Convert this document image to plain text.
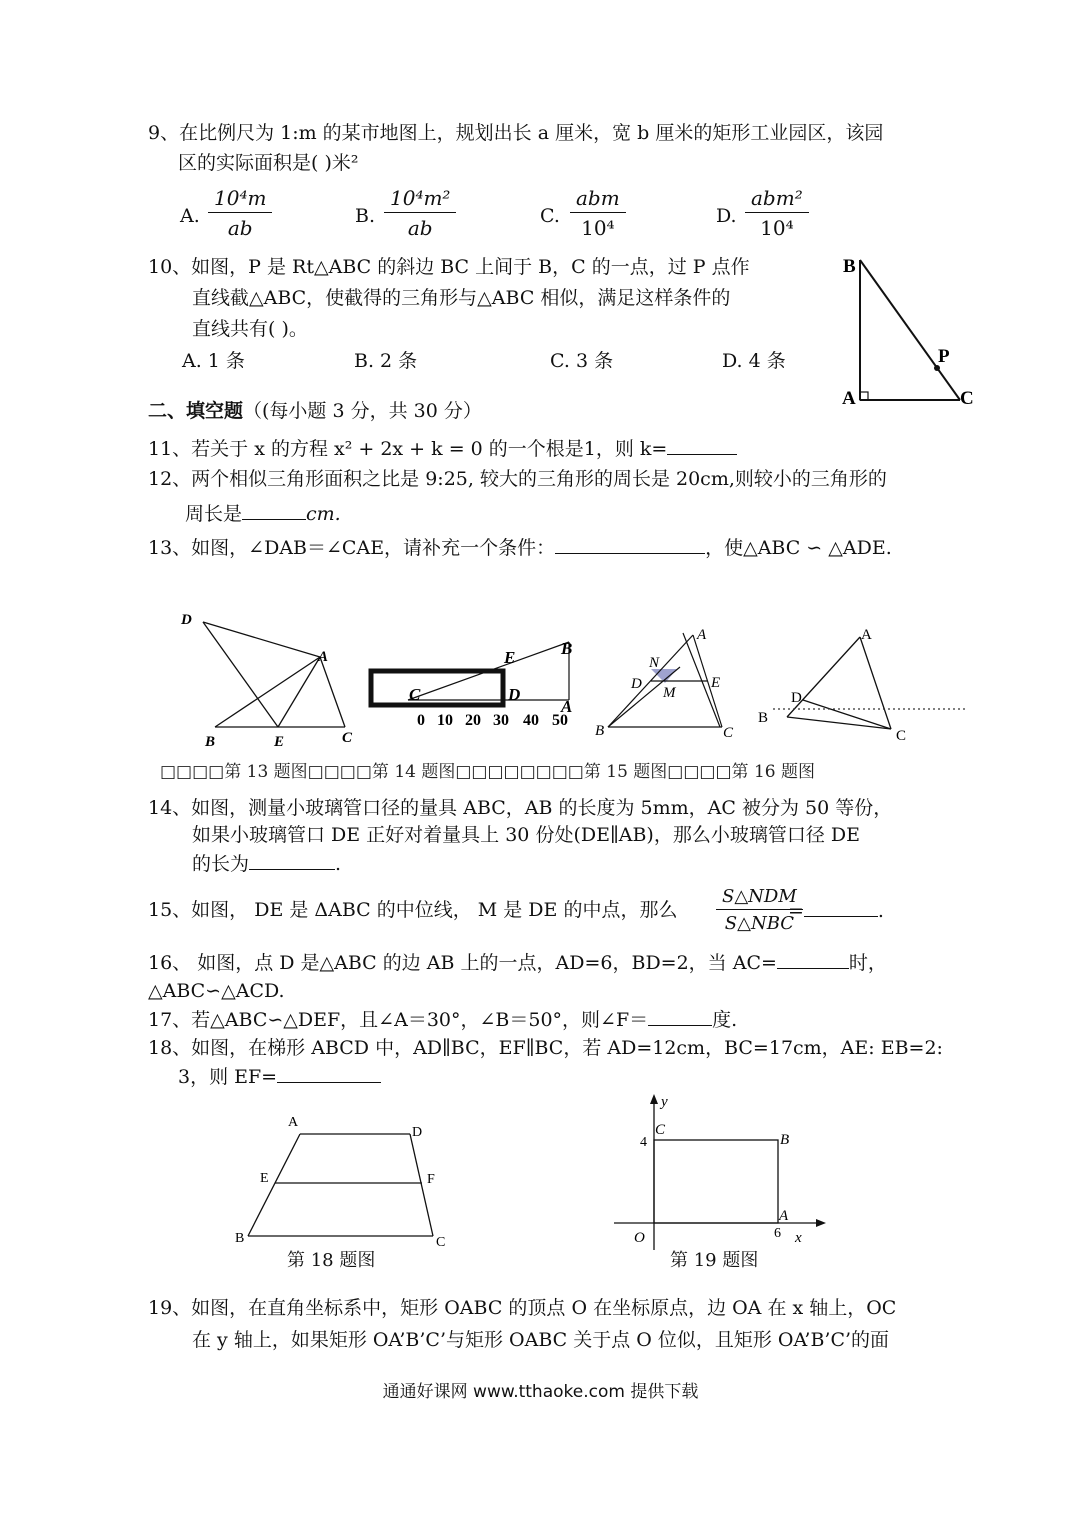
9、在比例尺为 1:m 的某市地图上，规划出长 a 厘米，宽 b 厘米的矩形工业园区，该园
区的实际面积是( )米²
A. $\frac{\text{10⁴m}}{ab}$	B. $\frac{\text{10⁴m²}}{ab}$	C.
abm
10⁴	D.
abm²
10⁴
10、如图，P 是 Rt△ABC 的斜边 BC 上间于 B，C 的一点，过 P 点作
直线截△ABC，使截得的三角形与△ABC 相似，满足这样条件的
直线共有( )。
A. 1 条	B. 2 条	C. 3 条	D. 4 条
B
P
A	C
二、填空题（(每小题 3 分，共 30 分）
11、若关于 x 的方程 x² + 2x + k = 0 的一个根是1，则 k=
12、两个相似三角形面积之比是 9:25, 较大的三角形的周长是 20cm,则较小的三角形的
周长是	cm.
13、如图，∠DAB＝∠CAE，请补充一个条件：	，使△ABC ∽ △ADE.
D
A
B	E	C
E	B
C	D
A
0 10 20 30 40 50
A
N
D
M
E
B	C
A
D
B
C
□□□□第 13 题图□□□□第 14 题图□□□□□□□□第 15 题图□□□□第 16 题图
14、如图，测量小玻璃管口径的量具 ABC，AB 的长度为 5mm，AC 被分为 50 等份，
如果小玻璃管口 DE 正好对着量具上 30 份处(DE∥AB)，那么小玻璃管口径 DE
的长为	.
15、如图， DE 是 ΔABC 的中位线， M 是 DE 的中点，那么
S△NDM
S△NBC
=	.
16、 如图，点 D 是△ABC 的边 AB 上的一点，AD=6，BD=2，当 AC=	时，
△ABC∽△ACD.
17、若△ABC∽△DEF，且∠A＝30°，∠B＝50°，则∠F＝	度.
18、如图，在梯形 ABCD 中，AD∥BC，EF∥BC，若 AD=12cm，BC=17cm，AE: EB=2:
3，则 EF=
A
D
E	F
B	C
第 18 题图
y
C
B
4
O
A
6 x
第 19 题图
19、如图，在直角坐标系中，矩形 OABC 的顶点 O 在坐标原点，边 OA 在 x 轴上，OC
在 y 轴上，如果矩形 OA’B’C’与矩形 OABC 关于点 O 位似，且矩形 OA’B’C’的面
通通好课网 www.tthaoke.com 提供下载
